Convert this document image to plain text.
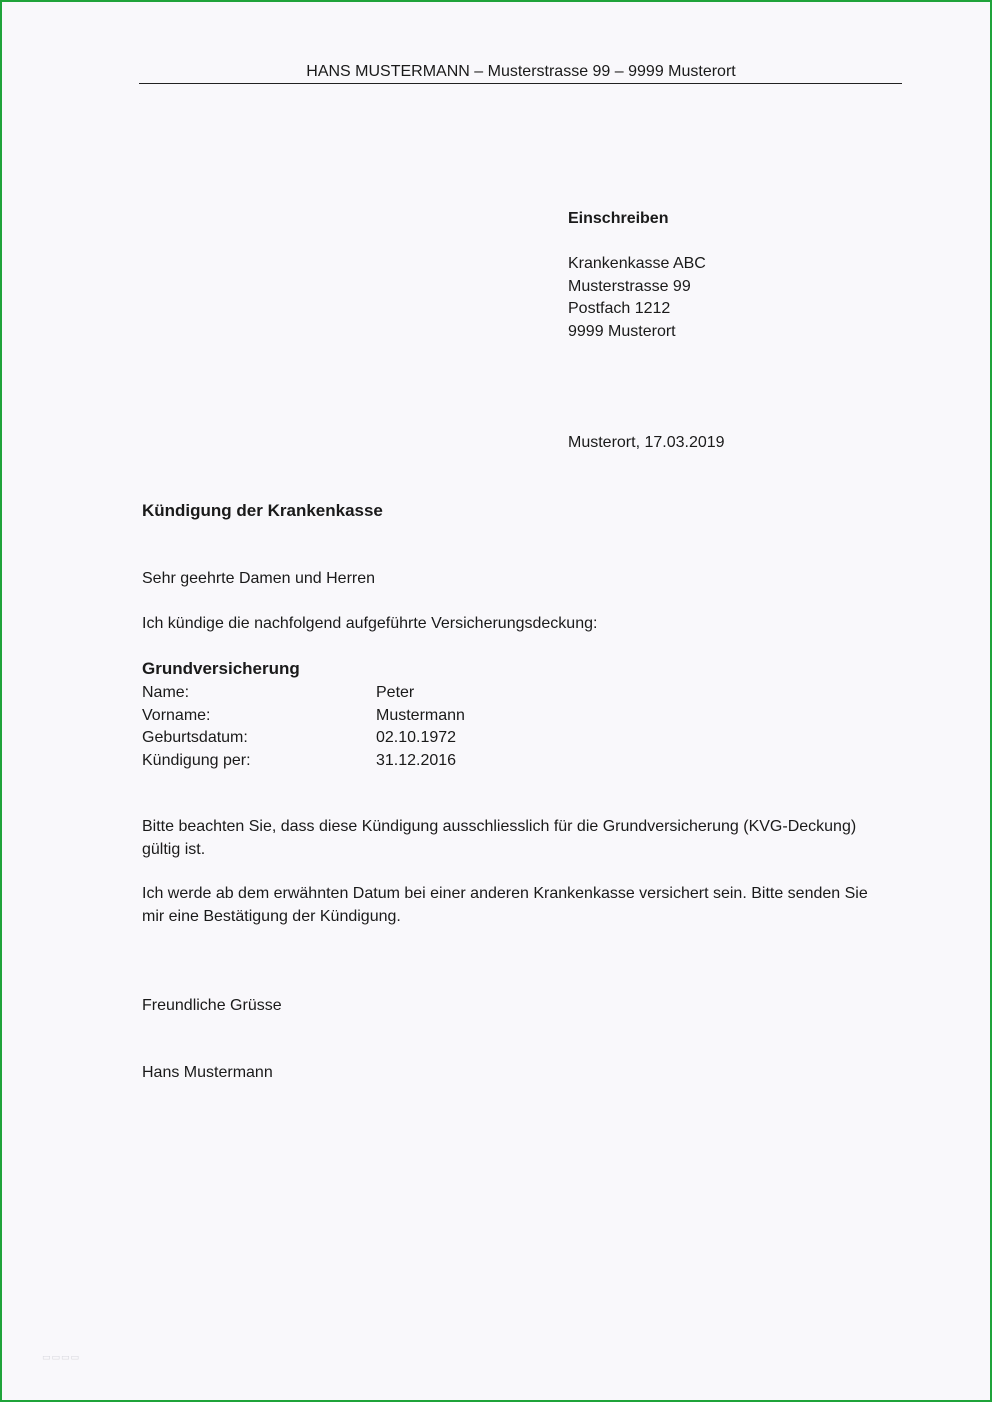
HANS MUSTERMANN – Musterstrasse 99 – 9999 Musterort
Einschreiben
Krankenkasse ABC
Musterstrasse 99
Postfach 1212
9999 Musterort
Musterort, 17.03.2019
Kündigung der Krankenkasse
Sehr geehrte Damen und Herren
Ich kündige die nachfolgend aufgeführte Versicherungsdeckung:
Grundversicherung
Name:	Peter
Vorname:	Mustermann
Geburtsdatum:	02.10.1972
Kündigung per:	31.12.2016
Bitte beachten Sie, dass diese Kündigung ausschliesslich für die Grundversicherung (KVG-Deckung) gültig ist.
Ich werde ab dem erwähnten Datum bei einer anderen Krankenkasse versichert sein. Bitte senden Sie mir eine Bestätigung der Kündigung.
Freundliche Grüsse
Hans Mustermann
▭▭▭▭
